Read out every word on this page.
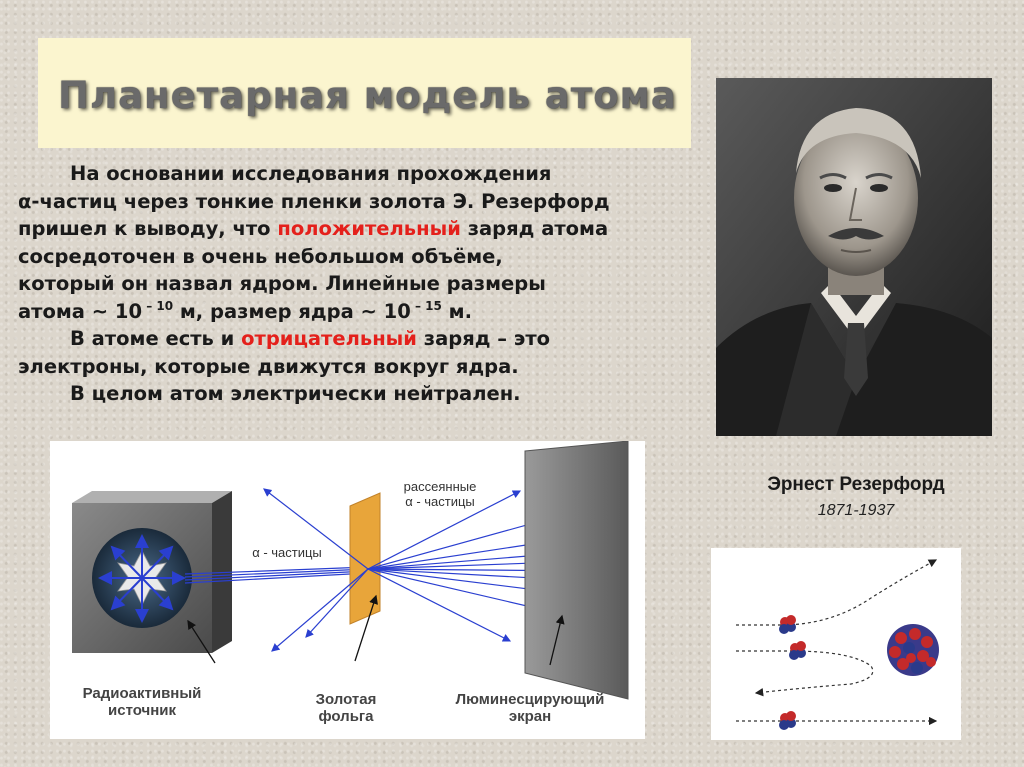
Планетарная модель атома

На основании исследования прохождения
α-частиц через тонкие пленки золота Э. Резерфорд
пришел к выводу, что положительный заряд атома
сосредоточен в очень небольшом объёме,
который он назвал ядром. Линейные размеры
атома ~ 10 $^{- 10}$ м, размер ядра ~ 10 $^{- 15}$ м.

В атоме есть и отрицательный заряд – это
электроны, которые движутся вокруг ядра.

В целом атом электрически нейтрален.

Эрнест Резерфорд
1871-1937
рассеянные
α - частицы
α - частицы
Радиоактивный
источник
Золотая
фольга
Люминесцирующий
экран
